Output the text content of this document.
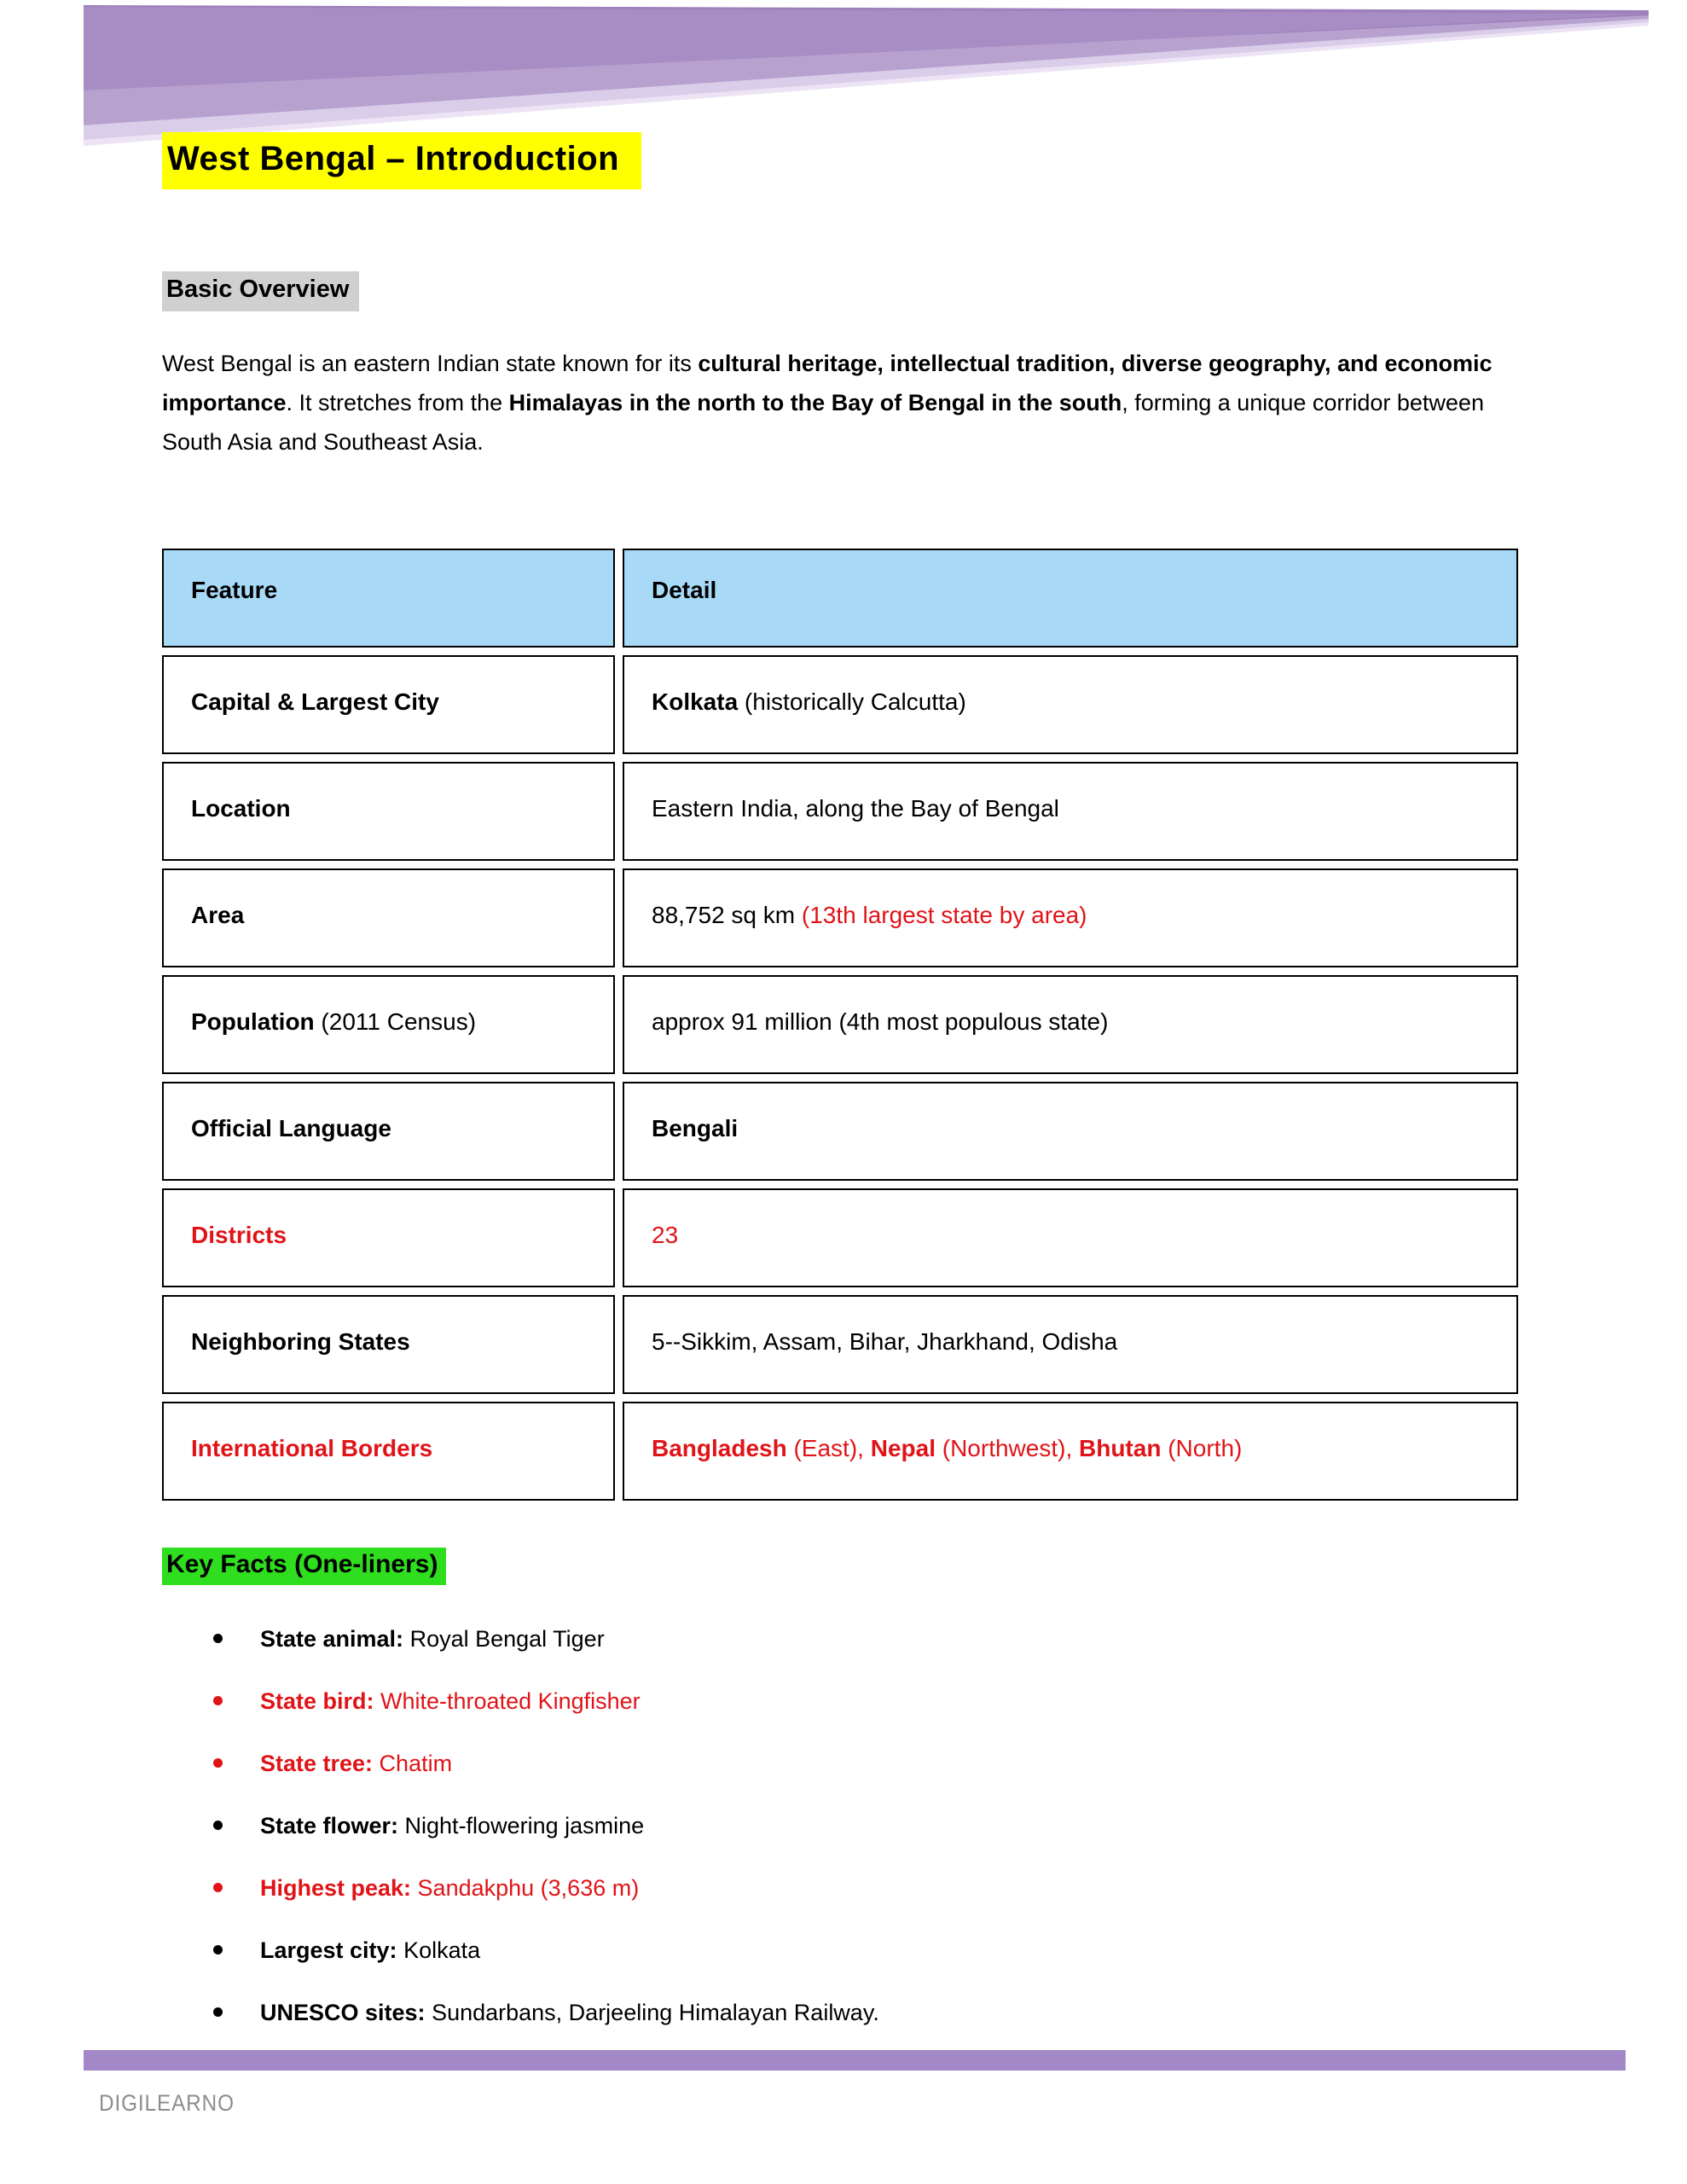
West Bengal – Introduction
Basic Overview

West Bengal is an eastern Indian state known for its cultural heritage, intellectual tradition, diverse geography, and economic importance. It stretches from the Himalayas in the north to the Bay of Bengal in the south, forming a unique corridor between South Asia and Southeast Asia.

Feature	Detail
Capital & Largest City	Kolkata (historically Calcutta)
Location	Eastern India, along the Bay of Bengal
Area	88,752 sq km (13th largest state by area)
Population (2011 Census)	approx 91 million (4th most populous state)
Official Language	Bengali
Districts	23
Neighboring States	5--Sikkim, Assam, Bihar, Jharkhand, Odisha
International Borders	Bangladesh (East), Nepal (Northwest), Bhutan (North)
Key Facts (One-liners)
State animal: Royal Bengal Tiger
State bird: White-throated Kingfisher
State tree: Chatim
State flower: Night-flowering jasmine
Highest peak: Sandakphu (3,636 m)
Largest city: Kolkata
UNESCO sites: Sundarbans, Darjeeling Himalayan Railway.
DIGILEARNO
